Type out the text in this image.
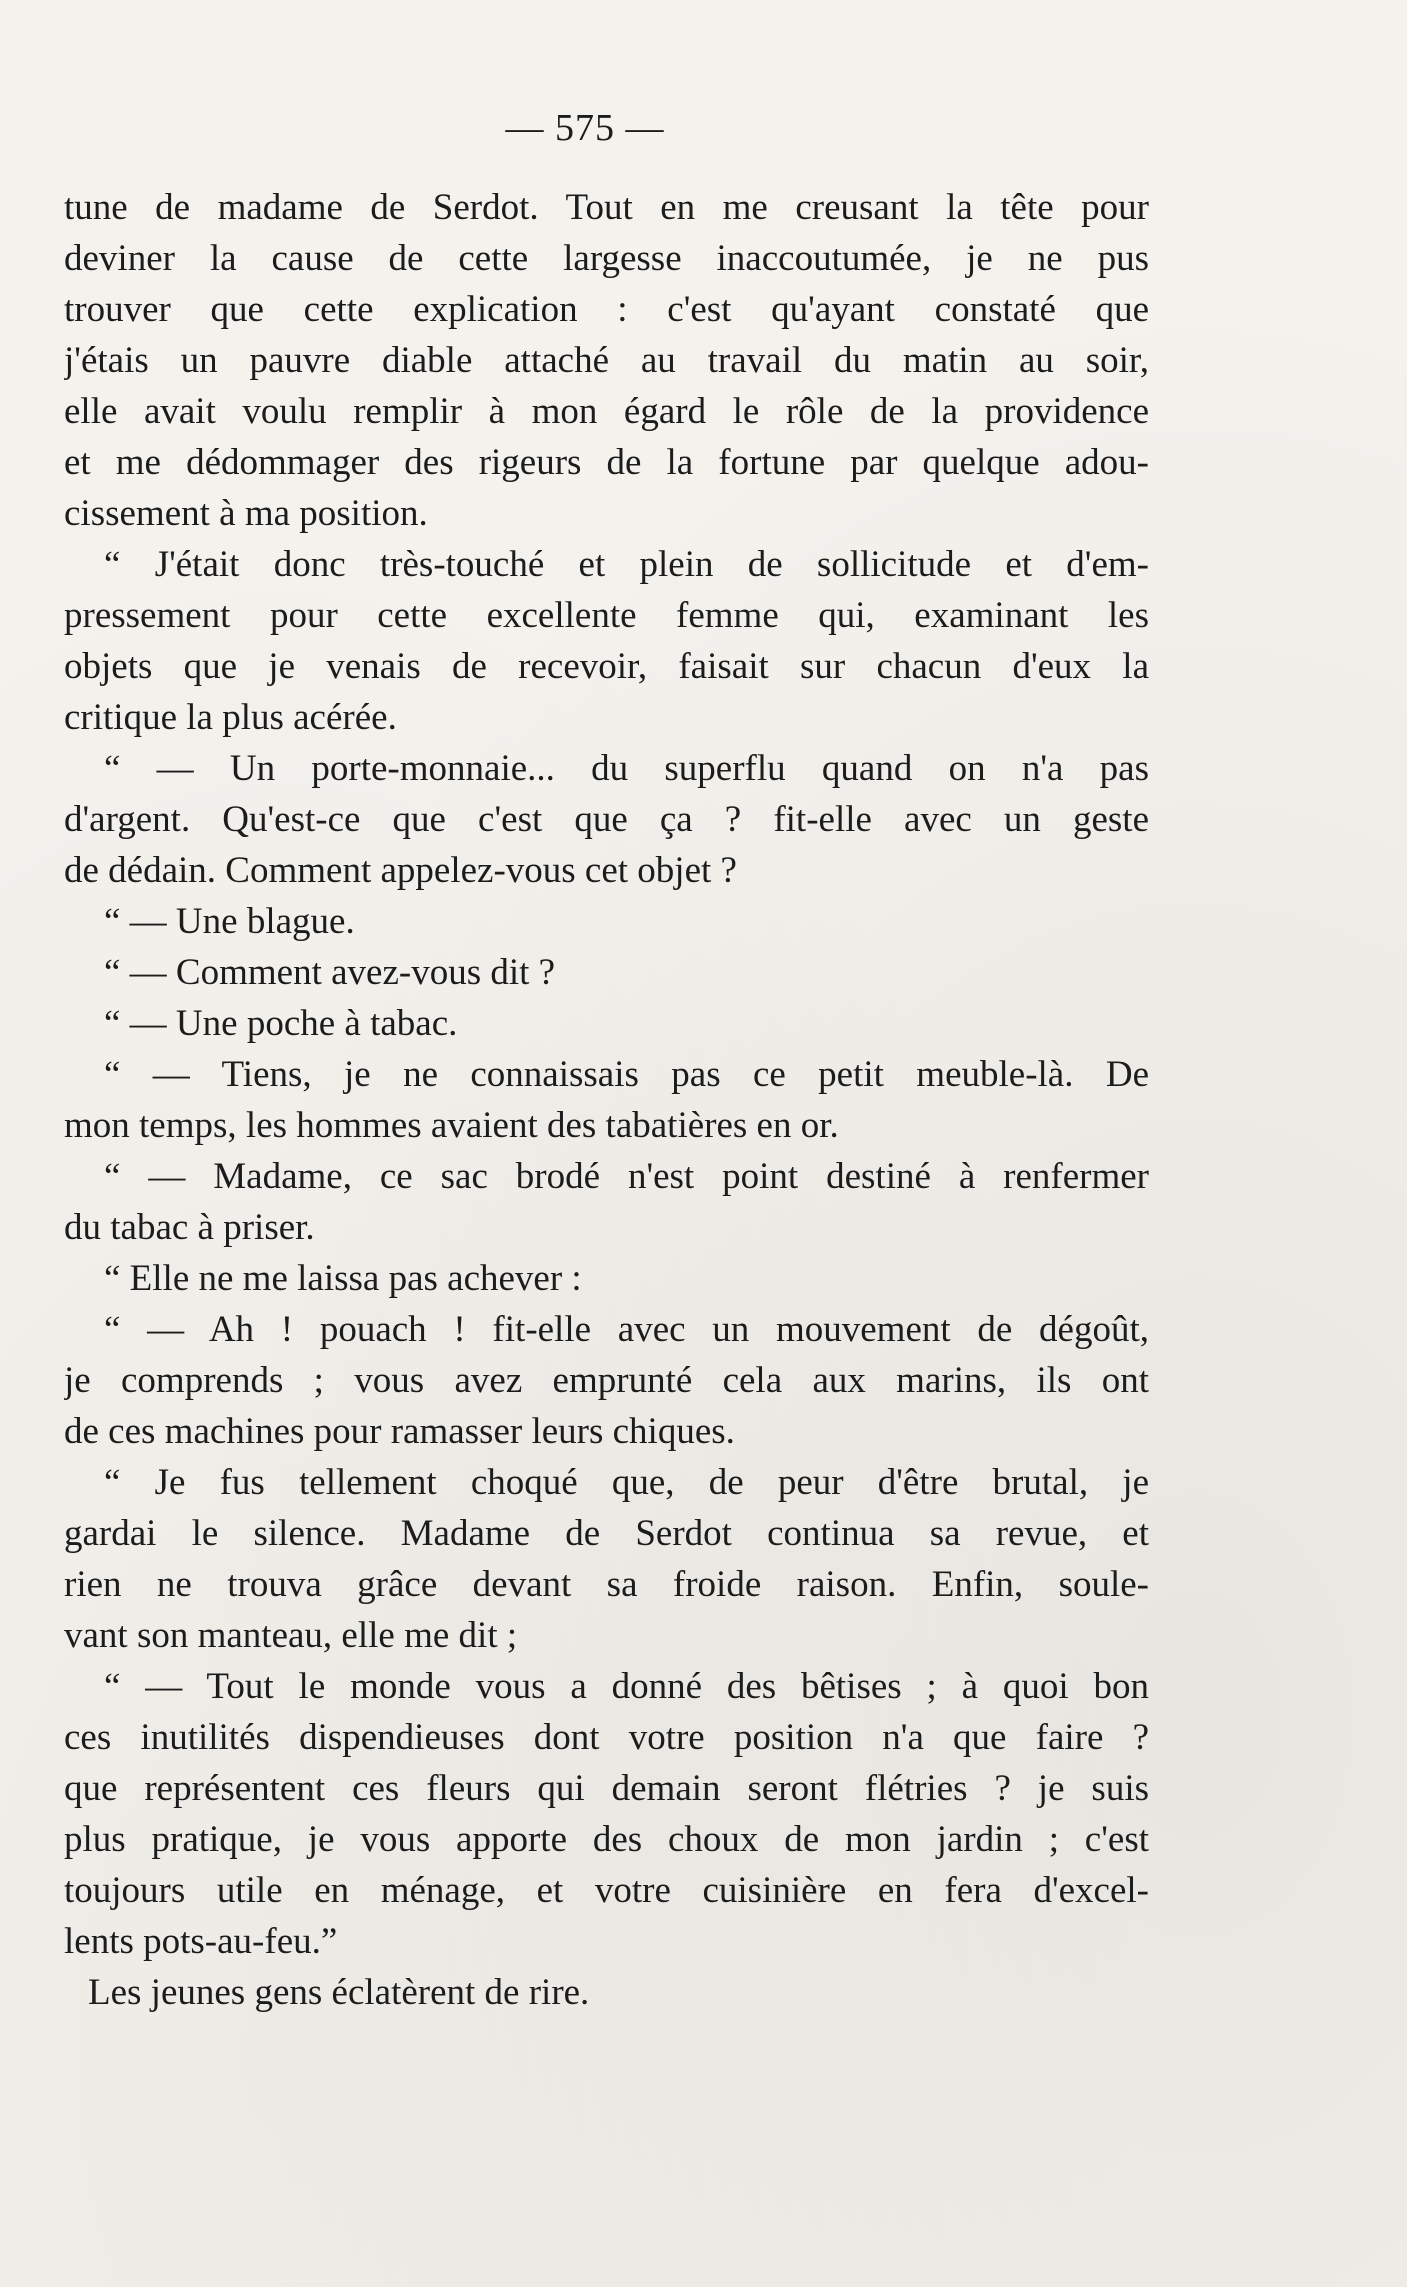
— 575 —
tune de madame de Serdot. Tout en me creusant la tête pour
deviner la cause de cette largesse inaccoutumée, je ne pus
trouver que cette explication : c'est qu'ayant constaté que
j'étais un pauvre diable attaché au travail du matin au soir,
elle avait voulu remplir à mon égard le rôle de la providence
et me dédommager des rigeurs de la fortune par quelque adou-
cissement à ma position.
“ J'était donc très-touché et plein de sollicitude et d'em-
pressement pour cette excellente femme qui, examinant les
objets que je venais de recevoir, faisait sur chacun d'eux la
critique la plus acérée.
“ — Un porte-monnaie... du superflu quand on n'a pas
d'argent. Qu'est-ce que c'est que ça ? fit-elle avec un geste
de dédain. Comment appelez-vous cet objet ?
“ — Une blague.
“ — Comment avez-vous dit ?
“ — Une poche à tabac.
“ — Tiens, je ne connaissais pas ce petit meuble-là. De
mon temps, les hommes avaient des tabatières en or.
“ — Madame, ce sac brodé n'est point destiné à renfermer
du tabac à priser.
“ Elle ne me laissa pas achever :
“ — Ah ! pouach ! fit-elle avec un mouvement de dégoût,
je comprends ; vous avez emprunté cela aux marins, ils ont
de ces machines pour ramasser leurs chiques.
“ Je fus tellement choqué que, de peur d'être brutal, je
gardai le silence. Madame de Serdot continua sa revue, et
rien ne trouva grâce devant sa froide raison. Enfin, soule-
vant son manteau, elle me dit ;
“ — Tout le monde vous a donné des bêtises ; à quoi bon
ces inutilités dispendieuses dont votre position n'a que faire ?
que représentent ces fleurs qui demain seront flétries ? je suis
plus pratique, je vous apporte des choux de mon jardin ; c'est
toujours utile en ménage, et votre cuisinière en fera d'excel-
lents pots-au-feu.”
Les jeunes gens éclatèrent de rire.
